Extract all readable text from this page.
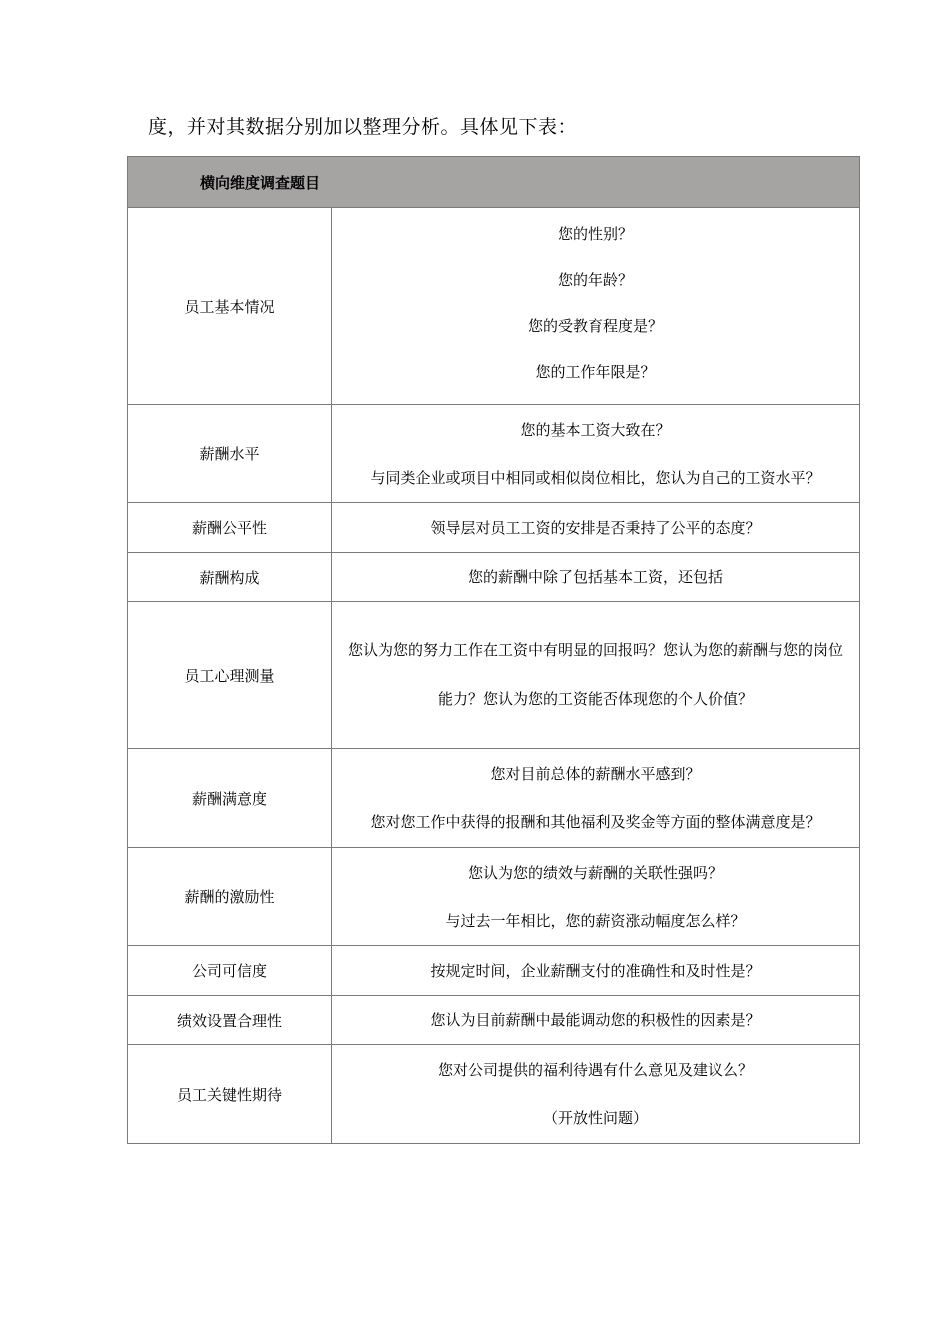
度，并对其数据分别加以整理分析。具体见下表：
横向维度调查题目	
员工基本情况	您的性别？
您的年龄？
您的受教育程度是？
您的工作年限是？

薪酬水平	您的基本工资大致在？
与同类企业或项目中相同或相似岗位相比，您认为自己的工资水平？

薪酬公平性	领导层对员工工资的安排是否秉持了公平的态度？

薪酬构成	您的薪酬中除了包括基本工资，还包括

员工心理测量	您认为您的努力工作在工资中有明显的回报吗？您认为您的薪酬与您的岗位能力？您认为您的工资能否体现您的个人价值？
薪酬满意度	您对目前总体的薪酬水平感到？
您对您工作中获得的报酬和其他福利及奖金等方面的整体满意度是？

薪酬的激励性	您认为您的绩效与薪酬的关联性强吗？
与过去一年相比，您的薪资涨动幅度怎么样？

公司可信度	按规定时间，企业薪酬支付的准确性和及时性是？

绩效设置合理性	您认为目前薪酬中最能调动您的积极性的因素是？

员工关键性期待	您对公司提供的福利待遇有什么意见及建议么？
（开放性问题）
